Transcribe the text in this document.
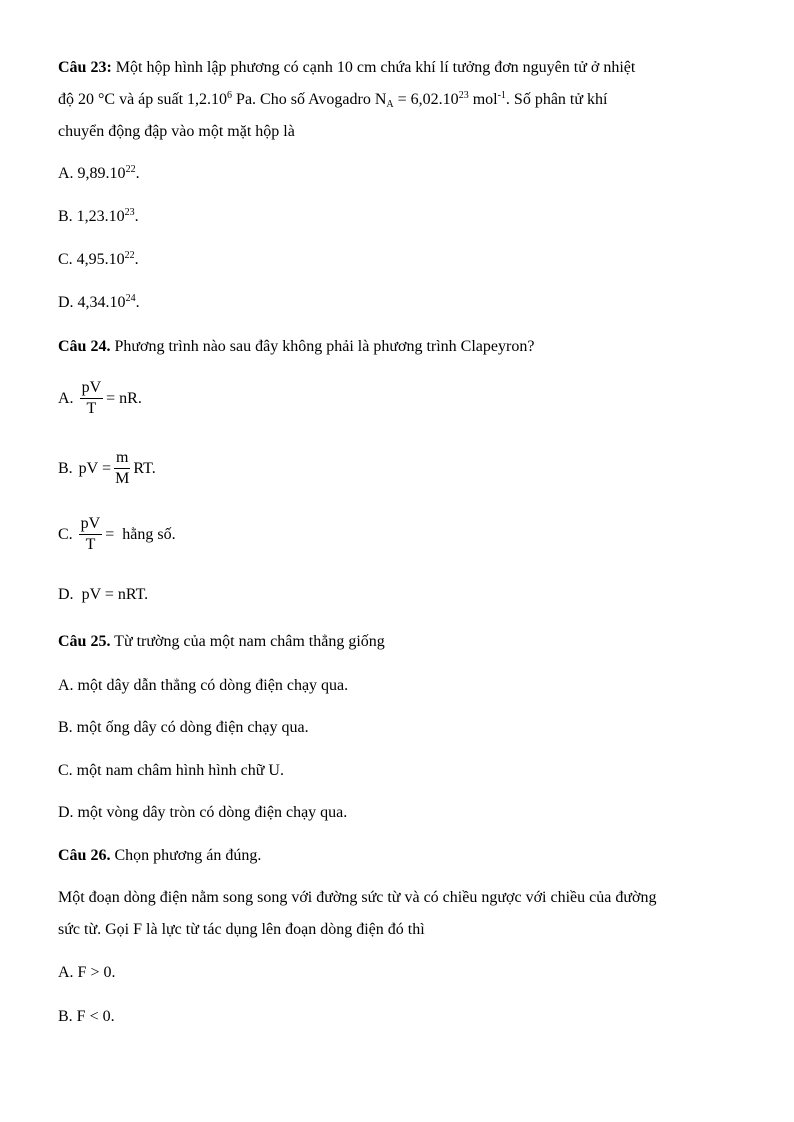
Câu 23: Một hộp hình lập phương có cạnh 10 cm chứa khí lí tưởng đơn nguyên tử ở nhiệt
độ 20 °C và áp suất 1,2.10$^6$ Pa. Cho số Avogadro $N_A = 6,02.10^{23}$ mol$^{-1}$. Số phân tử khí
chuyển động đập vào một mặt hộp là
A. 9,89.10$^{22}$.
B. 1,23.10$^{23}$.
C. 4,95.10$^{22}$.
D. 4,34.10$^{24}$.
Câu 24. Phương trình nào sau đây không phải là phương trình Clapeyron?
A. $\frac{pV}{T}$ = nR.
B. pV = $\frac{m}{M}$ RT.
C. $\frac{pV}{T}$ =  hằng số.
D. pV = nRT.
Câu 25. Từ trường của một nam châm thẳng giống
A. một dây dẫn thẳng có dòng điện chạy qua.
B. một ống dây có dòng điện chạy qua.
C. một nam châm hình hình chữ U.
D. một vòng dây tròn có dòng điện chạy qua.
Câu 26. Chọn phương án đúng.
Một đoạn dòng điện nằm song song với đường sức từ và có chiều ngược với chiều của đường
sức từ. Gọi F là lực từ tác dụng lên đoạn dòng điện đó thì
A. F > 0.
B. F < 0.
